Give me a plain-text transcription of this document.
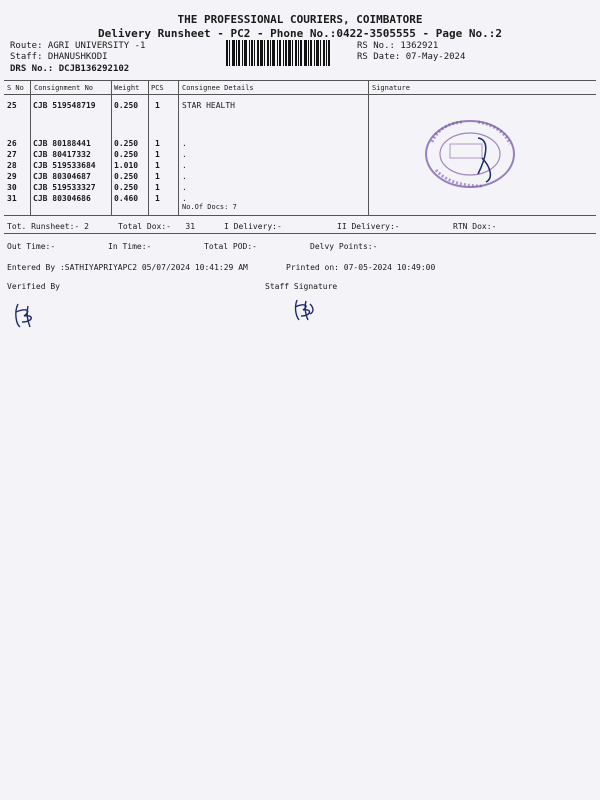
THE PROFESSIONAL COURIERS, COIMBATORE
Delivery Runsheet - PC2 - Phone No.:0422-3505555 - Page No.:2
Route: AGRI UNIVERSITY -1
Staff: DHANUSHKODI
DRS No.: DCJB136292102
RS No.: 1362921
RS Date: 07-May-2024
S No Consignment No	Weight PCS	Consignee Details	Signature
25 CJB 519548719 0.250 1	STAR HEALTH
26 CJB 80188441	0.250 1	.
27 CJB 80417332	0.250 1	.
28 CJB 519533684 1.010 1	.
29 CJB 80304687	0.250 1	.
30 CJB 519533327 0.250 1	.
31 CJB 80304686	0.460 1	.
No.Of Docs: 7
Tot. Runsheet:- 2	Total Dox:-   31	I Delivery:-	II Delivery:-	RTN Dox:-
Out Time:-	In Time:-	Total POD:-	Delvy Points:-
Entered By :SATHIYAPRIYAPC2 05/07/2024 10:41:29 AM	Printed on: 07-05-2024 10:49:00
Verified By	Staff Signature
